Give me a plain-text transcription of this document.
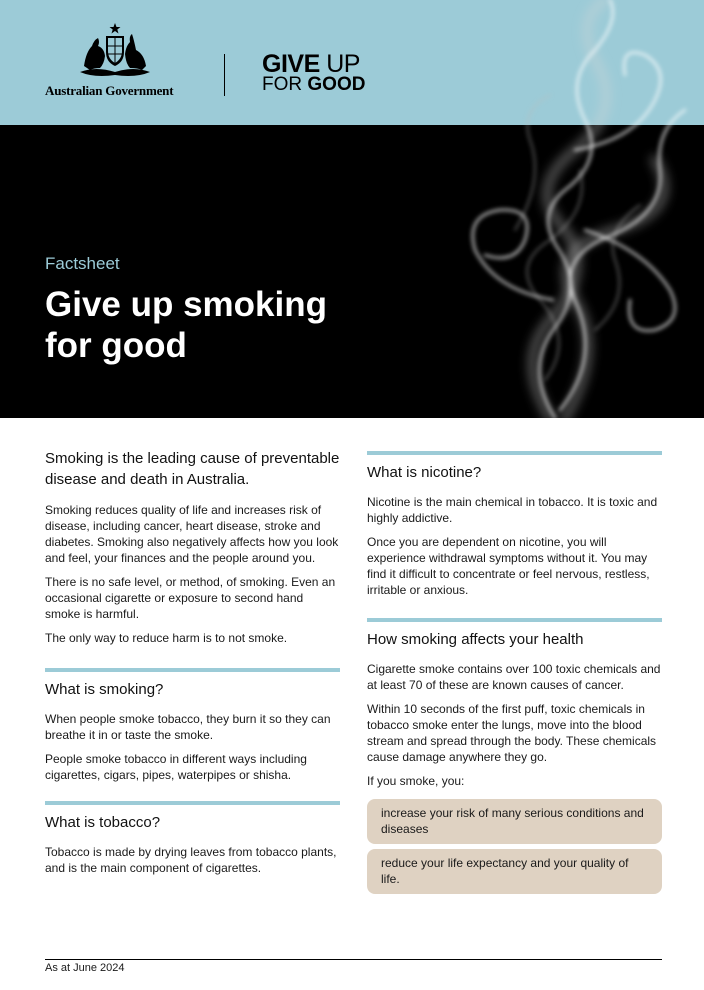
Australian Government
GIVE UP
FOR GOOD
Factsheet
Give up smoking for good

Smoking is the leading cause of preventable disease and death in Australia.

Smoking reduces quality of life and increases risk of disease, including cancer, heart disease, stroke and diabetes. Smoking also negatively affects how you look and feel, your finances and the people around you.

There is no safe level, or method, of smoking. Even an occasional cigarette or exposure to second hand smoke is harmful.

The only way to reduce harm is to not smoke.

What is smoking?

When people smoke tobacco, they burn it so they can breathe it in or taste the smoke.

People smoke tobacco in different ways including cigarettes, cigars, pipes, waterpipes or shisha.

What is tobacco?

Tobacco is made by drying leaves from tobacco plants, and is the main component of cigarettes.

What is nicotine?

Nicotine is the main chemical in tobacco. It is toxic and highly addictive.

Once you are dependent on nicotine, you will experience withdrawal symptoms without it. You may find it difficult to concentrate or feel nervous, restless, irritable or anxious.

How smoking affects your health

Cigarette smoke contains over 100 toxic chemicals and at least 70 of these are known causes of cancer.

Within 10 seconds of the first puff, toxic chemicals in tobacco smoke enter the lungs, move into the blood stream and spread through the body. These chemicals cause damage anywhere they go.

If you smoke, you:

increase your risk of many serious conditions and diseases
reduce your life expectancy and your quality of life.
As at June 2024
